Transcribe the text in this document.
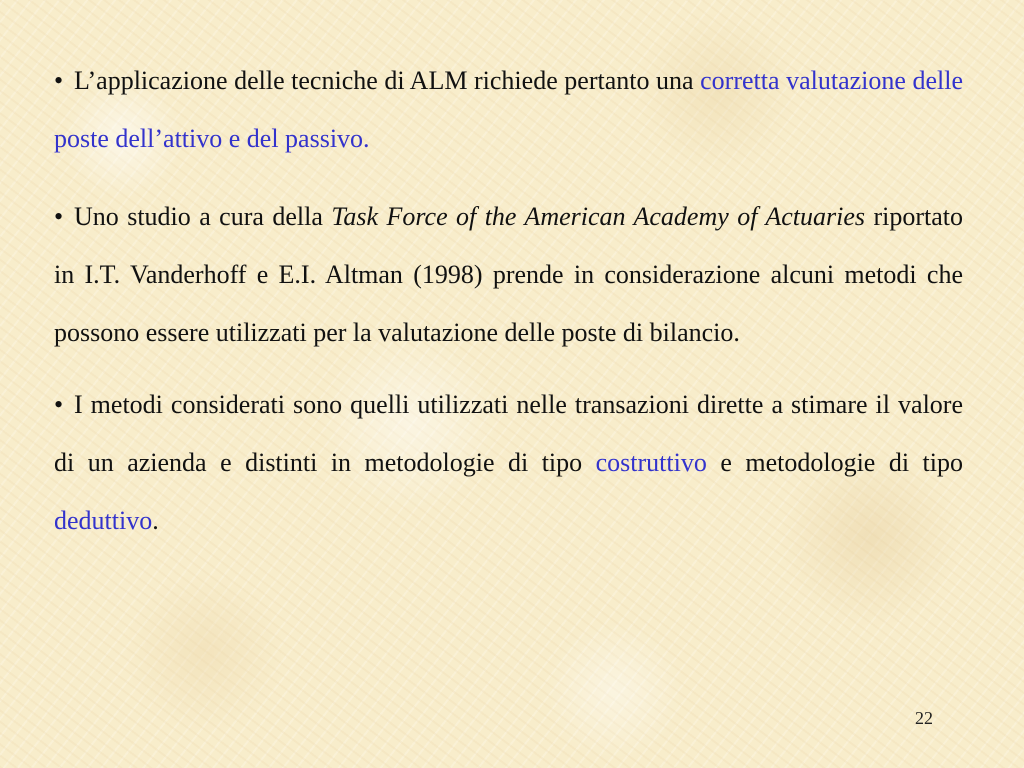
• L’applicazione delle tecniche di ALM richiede pertanto una corretta valutazione delle poste dell’attivo e del passivo.

• Uno studio a cura della Task Force of the American Academy of Actuaries riportato in I.T. Vanderhoff e E.I. Altman (1998) prende in considerazione alcuni metodi che possono essere utilizzati per la valutazione delle poste di bilancio.

• I metodi considerati sono quelli utilizzati nelle transazioni dirette a stimare il valore di un azienda e distinti in metodologie di tipo costruttivo e metodologie di tipo deduttivo.

22
